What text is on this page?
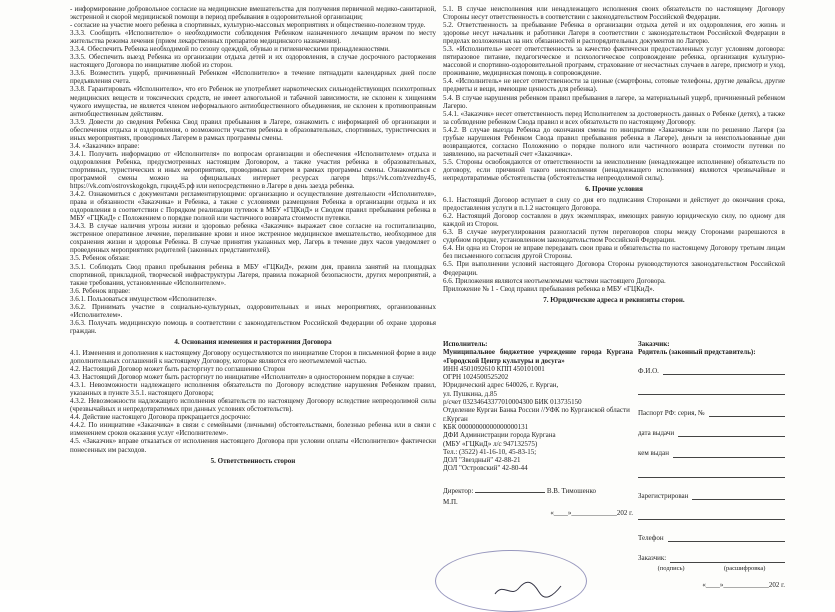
- информирование добровольное согласие на медицинские вмешательства для получения первичной медико-санитарной, экстренной и скорой медицинской помощи в период пребывания в оздоровительной организации;

- согласие на участие моего ребенка в спортивных, культурно-массовых мероприятиях и общественно-полезном труде.

3.3.3. Сообщить «Исполнителю» о необходимости соблюдения Ребенком назначенного лечащим врачом по месту жительства режима лечения (прием лекарственных препаратов медицинского назначения).

3.3.4. Обеспечить Ребенка необходимой по сезону одеждой, обувью и гигиеническими принадлежностями.

3.3.5. Обеспечить выезд Ребенка из организации отдыха детей и их оздоровления, в случае досрочного расторжения настоящего Договора по инициативе любой из сторон.

3.3.6. Возместить ущерб, причиненный Ребенком «Исполнителю» в течение пятнадцати календарных дней после предъявления счета.

3.3.8. Гарантировать «Исполнителю», что его Ребенок не употребляет наркотических сильнодействующих психотропных медицинских веществ и токсических средств, не имеет алкогольной и табачной зависимости, не склонен к хищениям чужого имущества, не является членом неформального антиобщественного объединения, не склонен к противоправным антиобщественным действиям.

3.3.9. Довести до сведения Ребенка Свод правил пребывания в Лагере, ознакомить с информацией об организации и обеспечения отдыха и оздоровления, о возможности участия ребенка в образовательных, спортивных, туристических и иных мероприятиях, проводимых Лагерем в рамках программы смены.

3.4. «Заказчик» вправе:

3.4.1. Получить информацию от «Исполнителя» по вопросам организации и обеспечения «Исполнителем» отдыха и оздоровления Ребенка, предусмотренных настоящим Договором, а также участия ребенка в образовательных, спортивных, туристических и иных мероприятиях, проводимых лагерем в рамках программы смены. Ознакомиться с программой смены можно на официальных интернет ресурсах лагеря https://vk.com/zvezdny45, https://vk.com/ostrovskogokgn, гцкид45.рф или непосредственно в Лагере в день заезда ребенка.

3.4.2. Ознакомиться с документами регламентирующими: организацию и осуществление деятельности «Исполнителя», права и обязанности «Заказчика» и Ребенка, а также с условиями размещения Ребенка в организации отдыха и их оздоровления в соответствии с Порядком реализации путевок в МБУ «ГЦКиД» и Сводом правил пребывания ребенка в МБУ «ГЦКиД» с Положением о порядке полной или частичного возврата стоимости путевки.

3.4.3. В случае наличия угрозы жизни и здоровью ребенка «Заказчик» выражает свое согласие на госпитализацию, экстренное оперативное лечение, переливание крови и иное экстренное медицинское вмешательство, необходимое для сохранения жизни и здоровья Ребенка. В случае принятия указанных мер, Лагерь в течение двух часов уведомляет о проведенных мероприятиях родителей (законных представителей).

3.5. Ребенок обязан:

3.5.1. Соблюдать Свод правил пребывания ребенка в МБУ «ГЦКиД», режим дня, правила занятий на площадках спортивной, прикладной, творческой инфраструктуры Лагеря, правила пожарной безопасности, других мероприятий, а также требования, установленные «Исполнителем».

3.6. Ребенок вправе:

3.6.1. Пользоваться имуществом «Исполнителя».

3.6.2. Принимать участие в социально-культурных, оздоровительных и иных мероприятиях, организованных «Исполнителем».

3.6.3. Получать медицинскую помощь в соответствии с законодательством Российской Федерации об охране здоровья граждан.

4. Основания изменения и расторжения Договора

4.1. Изменения и дополнения к настоящему Договору осуществляются по инициативе Сторон в письменной форме в виде дополнительных соглашений к настоящему Договору, которые являются его неотъемлемой частью.

4.2. Настоящий Договор может быть расторгнут по соглашению Сторон

4.3. Настоящий Договор может быть расторгнут по инициативе «Исполнителя» в одностороннем порядке в случае:

4.3.1. Невозможности надлежащего исполнения обязательств по Договору вследствие нарушения Ребенком правил, указанных в пункте 3.5.1. настоящего Договора;

4.3.2. Невозможности надлежащего исполнения обязательств по настоящему Договору вследствие непреодолимой силы (чрезвычайных и непредотвратимых при данных условиях обстоятельств).

4.4. Действие настоящего Договора прекращается досрочно:

4.4.2. По инициативе «Заказчика» в связи с семейными (личными) обстоятельствами, болезнью ребенка или в связи с изменением сроков оказания услуг «Исполнителем».

4.5. «Заказчик» вправе отказаться от исполнения настоящего Договора при условии оплаты «Исполнителю» фактически понесенных им расходов.

5. Ответственность сторон

5.1. В случае неисполнения или ненадлежащего исполнения своих обязательств по настоящему Договору Стороны несут ответственность в соответствии с законодательством Российской Федерации.

5.2. Ответственность за пребывание Ребенка в организации отдыха детей и их оздоровления, его жизнь и здоровье несут начальник и работники Лагеря в соответствии с законодательством Российской Федерации в пределах возложенных на них обязанностей и распорядительных документов по Лагерю.

5.3. «Исполнитель» несет ответственность за качество фактически предоставленных услуг условиям договора: пятиразовое питание, педагогическое и психологическое сопровождение ребенка, организация культурно-массовой и спортивно-оздоровительной программ, страхование от несчастных случаев в лагере, присмотр и уход, проживание, медицинская помощь в сопровождение.

5.4. «Исполнитель» не несет ответственности за ценные (смартфоны, сотовые телефоны, другие девайсы, другие предметы и вещи, имеющие ценность для ребенка).

5.4. В случае нарушения ребенком правил пребывания в лагере, за материальный ущерб, причиненный ребенком Лагерю.

5.4.1. «Заказчик» несет ответственность перед Исполнителем за достоверность данных о Ребенке (детях), а также за соблюдение ребенком Свода правил и всех обязательств по настоящему Договору.

5.4.2. В случае выезда Ребенка до окончания смены по инициативе «Заказчика» или по решению Лагеря (за грубые нарушения Ребенком Свода правил пребывания ребенка в Лагере), деньги за неиспользованные дни возвращаются, согласно Положению о порядке полного или частичного возврата стоимости путевки по заявлению, на расчетный счет «Заказчика».

5.5. Стороны освобождаются от ответственности за неисполнение (ненадлежащее исполнение) обязательств по договору, если причиной такого неисполнения (ненадлежащего исполнения) являются чрезвычайные и непредотвратимые обстоятельства (обстоятельства непреодолимой силы).

6. Прочие условия

6.1. Настоящий Договор вступает в силу со дня его подписания Сторонами и действует до окончания срока, предоставления услуги в п.1.2 настоящего Договора.

6.2. Настоящий Договор составлен в двух экземплярах, имеющих равную юридическую силу, по одному для каждой из Сторон.

6.3. В случае неурегулирования разногласий путем переговоров споры между Сторонами разрешаются в судебном порядке, установленном законодательством Российской Федерации.

6.4. Ни одна из Сторон не вправе передавать свои права и обязательства по настоящему Договору третьим лицам без письменного согласия другой Стороны.

6.5. При выполнении условий настоящего Договора Стороны руководствуются законодательством Российской Федерации.

6.6. Приложения являются неотъемлемыми частями настоящего Договора.

Приложение № 1 - Свод правил пребывания ребенка в МБУ «ГЦКиД».

7. Юридические адреса и реквизиты сторон.

Исполнитель:

Муниципальное бюджетное учреждение города Кургана «Городской Центр культуры и досуга»

ИНН 4501092610 КПП 450101001

ОГРН 1024500525202

Юридический адрес 640026, г. Курган,

ул. Пушкина, д.85

р/счет 03234643377010004300 БИК 013735150

Отделение Курган Банка России //УФК по Курганской области г.Курган

КБК 00000000000000000131

ДФИ Администрации города Кургана

(МБУ «ГЦКиД» л/с 947132575)

Тел.: (3522) 41-16-10, 45-83-15;

ДОЛ "Звездный" 42-88-21

ДОЛ "Островский" 42-80-44

Директор:	В.В. Тимошенко

М.П.

«____»_____________202 г.

Заказчик:

Родитель (законный представитель):

Ф.И.О.
Паспорт РФ: серия, №
дата выдачи
кем выдан
Зарегистрирован
Телефон
Заказчик:
(подпись)	(расшифровка)

«____»_____________202 г.
